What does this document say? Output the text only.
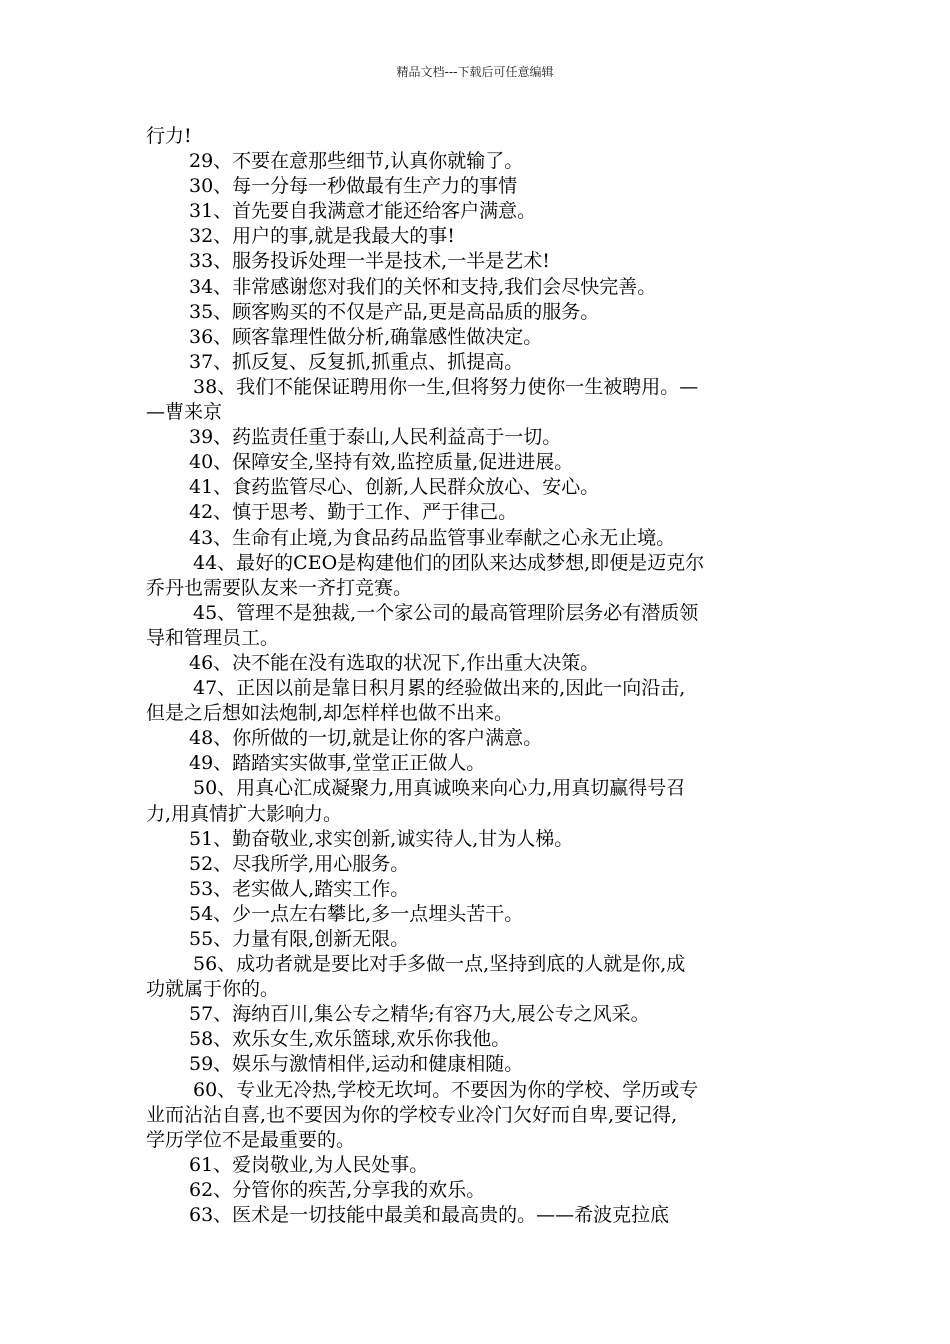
精品文档---下载后可任意编辑
行力!
29、不要在意那些细节,认真你就输了。
30、每一分每一秒做最有生产力的事情
31、首先要自我满意才能还给客户满意。
32、用户的事,就是我最大的事!
33、服务投诉处理一半是技术,一半是艺术!
34、非常感谢您对我们的关怀和支持,我们会尽快完善。
35、顾客购买的不仅是产品,更是高品质的服务。
36、顾客靠理性做分析,确靠感性做决定。
37、抓反复、反复抓,抓重点、抓提高。
38、我们不能保证聘用你一生,但将努力使你一生被聘用。—
—曹来京
39、药监责任重于泰山,人民利益高于一切。
40、保障安全,坚持有效,监控质量,促进进展。
41、食药监管尽心、创新,人民群众放心、安心。
42、慎于思考、勤于工作、严于律己。
43、生命有止境,为食品药品监管事业奉献之心永无止境。
44、最好的CEO是构建他们的团队来达成梦想,即便是迈克尔
乔丹也需要队友来一齐打竞赛。
45、管理不是独裁,一个家公司的最高管理阶层务必有潜质领
导和管理员工。
46、决不能在没有选取的状况下,作出重大决策。
47、正因以前是靠日积月累的经验做出来的,因此一向沿击,
但是之后想如法炮制,却怎样样也做不出来。
48、你所做的一切,就是让你的客户满意。
49、踏踏实实做事,堂堂正正做人。
50、用真心汇成凝聚力,用真诚唤来向心力,用真切赢得号召
力,用真情扩大影响力。
51、勤奋敬业,求实创新,诚实待人,甘为人梯。
52、尽我所学,用心服务。
53、老实做人,踏实工作。
54、少一点左右攀比,多一点埋头苦干。
55、力量有限,创新无限。
56、成功者就是要比对手多做一点,坚持到底的人就是你,成
功就属于你的。
57、海纳百川,集公专之精华;有容乃大,展公专之风采。
58、欢乐女生,欢乐篮球,欢乐你我他。
59、娱乐与激情相伴,运动和健康相随。
60、专业无冷热,学校无坎坷。不要因为你的学校、学历或专
业而沾沾自喜,也不要因为你的学校专业冷门欠好而自卑,要记得,
学历学位不是最重要的。
61、爱岗敬业,为人民处事。
62、分管你的疾苦,分享我的欢乐。
63、医术是一切技能中最美和最高贵的。——希波克拉底
